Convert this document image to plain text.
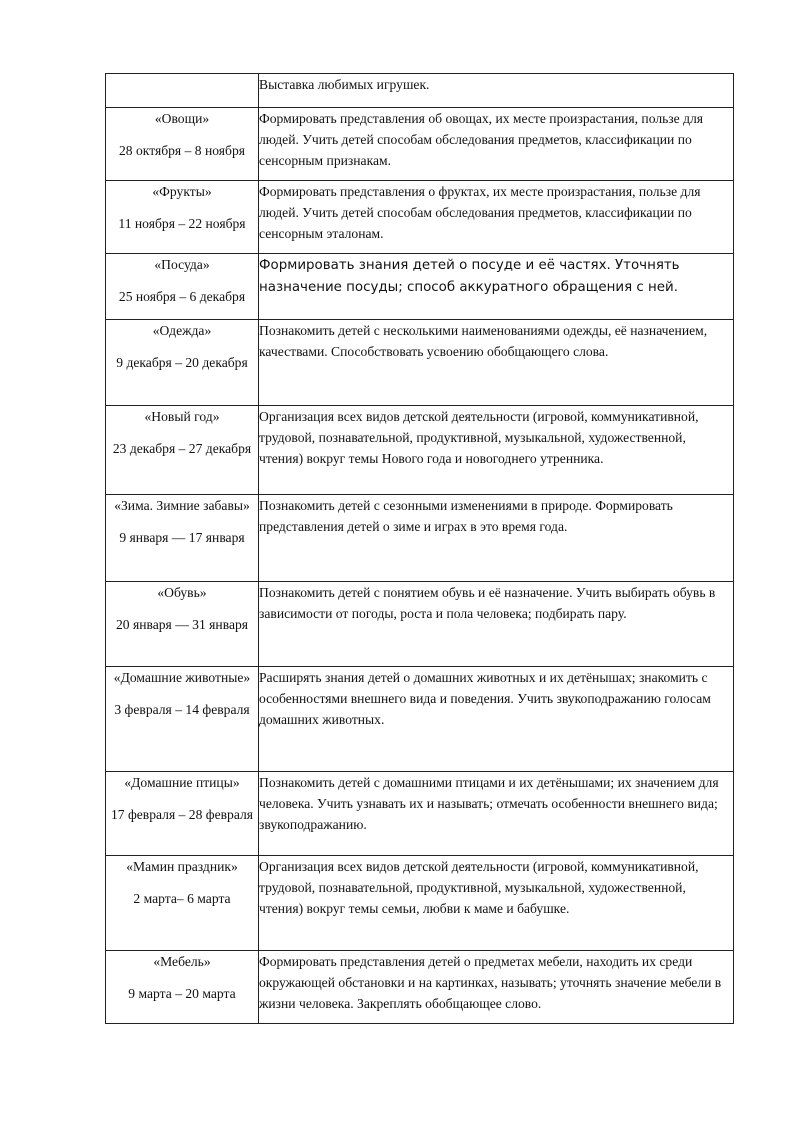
	Выставка любимых игрушек.

«Овощи»
28 октября – 8 ноября	Формировать представления об овощах, их месте произрастания, пользе для людей. Учить детей способам обследования предметов, классификации по сенсорным признакам.

«Фрукты»
11 ноября – 22 ноября	Формировать представления о фруктах, их месте произрастания, пользе для людей. Учить детей способам обследования предметов, классификации по сенсорным эталонам.

«Посуда»
25 ноября – 6 декабря	Формировать знания детей о посуде и её частях. Уточнять назначение посуды; способ аккуратного обращения с ней.

«Одежда»
9 декабря – 20 декабря	Познакомить детей с несколькими наименованиями одежды, её назначением, качествами. Способствовать усвоению обобщающего слова.

«Новый год»
23 декабря – 27 декабря	Организация всех видов детской деятельности (игровой, коммуникативной, трудовой, познавательной, продуктивной, музыкальной, художественной, чтения) вокруг темы Нового года и новогоднего утренника.

«Зима. Зимние забавы»
9 января — 17 января	Познакомить детей с сезонными изменениями в природе. Формировать представления детей о зиме и играх в это время года.

«Обувь»
20 января — 31 января	Познакомить детей с понятием обувь и её назначение. Учить выбирать обувь в зависимости от погоды, роста и пола человека; подбирать пару.

«Домашние животные»
3 февраля – 14 февраля	Расширять знания детей о домашних животных и их детёнышах; знакомить с особенностями внешнего вида и поведения. Учить звукоподражанию голосам домашних животных.

«Домашние птицы»
17 февраля – 28 февраля	Познакомить детей с домашними птицами и их детёнышами; их значением для человека. Учить узнавать их и называть; отмечать особенности внешнего вида; звукоподражанию.

«Мамин праздник»
2 марта– 6 марта	Организация всех видов детской деятельности (игровой, коммуникативной, трудовой, познавательной, продуктивной, музыкальной, художественной, чтения) вокруг темы семьи, любви к маме и бабушке.

«Мебель»
9 марта – 20 марта	Формировать представления детей о предметах мебели, находить их среди окружающей обстановки и на картинках, называть; уточнять значение мебели в жизни человека. Закреплять обобщающее слово.
